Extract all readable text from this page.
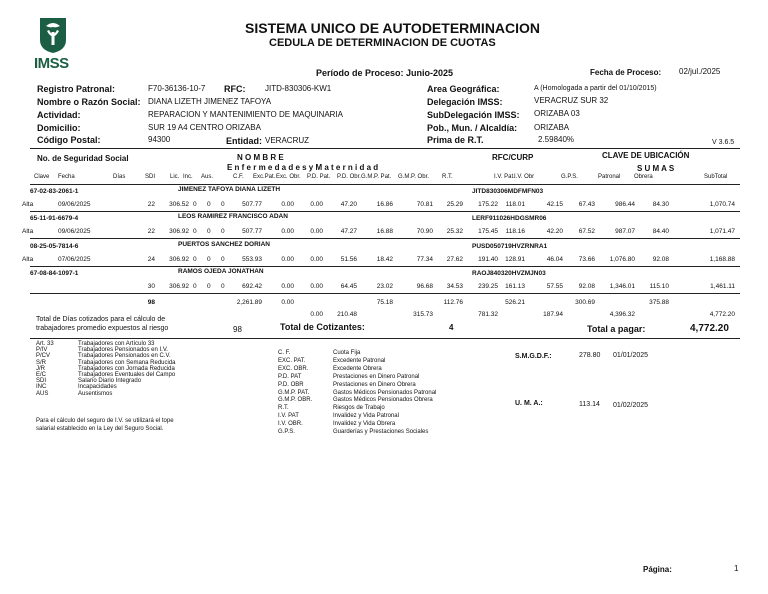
IMSS
SISTEMA UNICO DE AUTODETERMINACION
CEDULA DE DETERMINACION DE CUOTAS
Período de Proceso: Junio-2025	Fecha de Proceso: 02/jul./2025
Registro Patronal:	F70-36136-10-7 RFC: JITD-830306-KW1
Nombre o Razón Social: DIANA LIZETH JIMENEZ TAFOYA
Actividad:	REPARACION Y MANTENIMIENTO DE MAQUINARIA
Domicilio:	SUR 19 A4 CENTRO ORIZABA
Código Postal:	94300	Entidad: VERACRUZ
Area Geográfica:	A (Homologada a partir del 01/10/2015)
Delegación IMSS:	VERACRUZ SUR 32
SubDelegación IMSS: ORIZABA 03
Pob., Mun. / Alcaldía: ORIZABA
Prima de R.T.	2.59840%	V 3.6.5
No. de Seguridad Social	N O M B R E	RFC/CURP	CLAVE DE UBICACIÓN
E n f e r m e d a d e s y M a t e r n i d a d	S U M A S
Clave Fecha	Días	SDI Lic. Inc. Aus.	C.F. Exc.Pat. Exc. Obr. P.D. Pat. P.D. Obr. G.M.P. Pat. G.M.P. Obr. R.T.	I.V. Pat. I.V. Obr	G.P.S.	Patronal Obrera	SubTotal
67-02-83-2061-1	JIMENEZ TAFOYA DIANA LIZETH	JITD830306MDFMFN03
Alta	09/06/2025	22 306.52 0 0 0	507.77	0.00	0.00	47.20	16.86	70.81 25.29 175.22 118.01	42.15 67.43	986.44	84.30	1,070.74
65-11-91-6679-4	LEOS RAMIREZ FRANCISCO ADAN	LERF911026HDGSMR06
Alta	09/06/2025	22 306.92 0 0 0	507.77	0.00	0.00	47.27	16.88	70.90 25.32 175.45 118.16	42.20 67.52	987.07	84.40	1,071.47
08-25-05-7814-6	PUERTOS SANCHEZ DORIAN	PUSD050719HVZRNRA1
Alta	07/06/2025	24 306.92 0 0 0	553.93	0.00	0.00	51.56	18.42	77.34 27.62 191.40 128.91	46.04 73.66 1,076.80	92.08	1,168.88
67-08-84-1097-1	RAMOS OJEDA JONATHAN	RAOJ840320HVZMJN03
30 306.92 0 0 0	692.42	0.00	0.00	64.45	23.02	96.68 34.53 239.25 161.13	57.55 92.08 1,346.01 115.10	1,461.11
98	2,261.89	0.00	75.18	112.76	526.21	300.69	375.88
0.00 210.48	315.73	781.32	187.94	4,396.32	4,772.20
Total de Días cotizados para el cálculo de
trabajadores promedio expuestos al riesgo	98	Total de Cotizantes:	4	Total a pagar:	4,772.20
Art. 33	Trabajadores con Artículo 33
P/IV	Trabajadores Pensionados en I.V.
P/CV	Trabajadores Pensionados en C.V.
S/R	Trabajadores con Semana Reducida
J/R	Trabajadores con Jornada Reducida
E/C	Trabajadores Eventuales del Campo
SDI	Salario Diario Integrado
INC	Incapacidades
AUS	Ausentismos
Para el cálculo del seguro de I.V. se utilizará el tope
salarial establecido en la Ley del Seguro Social.
C. F.	Cuota Fija
EXC. PAT.	Excedente Patronal
EXC. OBR.	Excedente Obrera
P.D. PAT	Prestaciones en Dinero Patronal
P.D. OBR	Prestaciones en Dinero Obrera
G.M.P. PAT.	Gastos Médicos Pensionados Patronal
G.M.P. OBR.	Gastos Médicos Pensionados Obrera
R.T.	Riesgos de Trabajo
I.V. PAT	Invalidez y Vida Patronal
I.V. OBR.	Invalidez y Vida Obrera
G.P.S.	Guarderías y Prestaciones Sociales
S.M.G.D.F.:	278.80 01/01/2025
U. M. A.:	113.14 01/02/2025
Página:	1
